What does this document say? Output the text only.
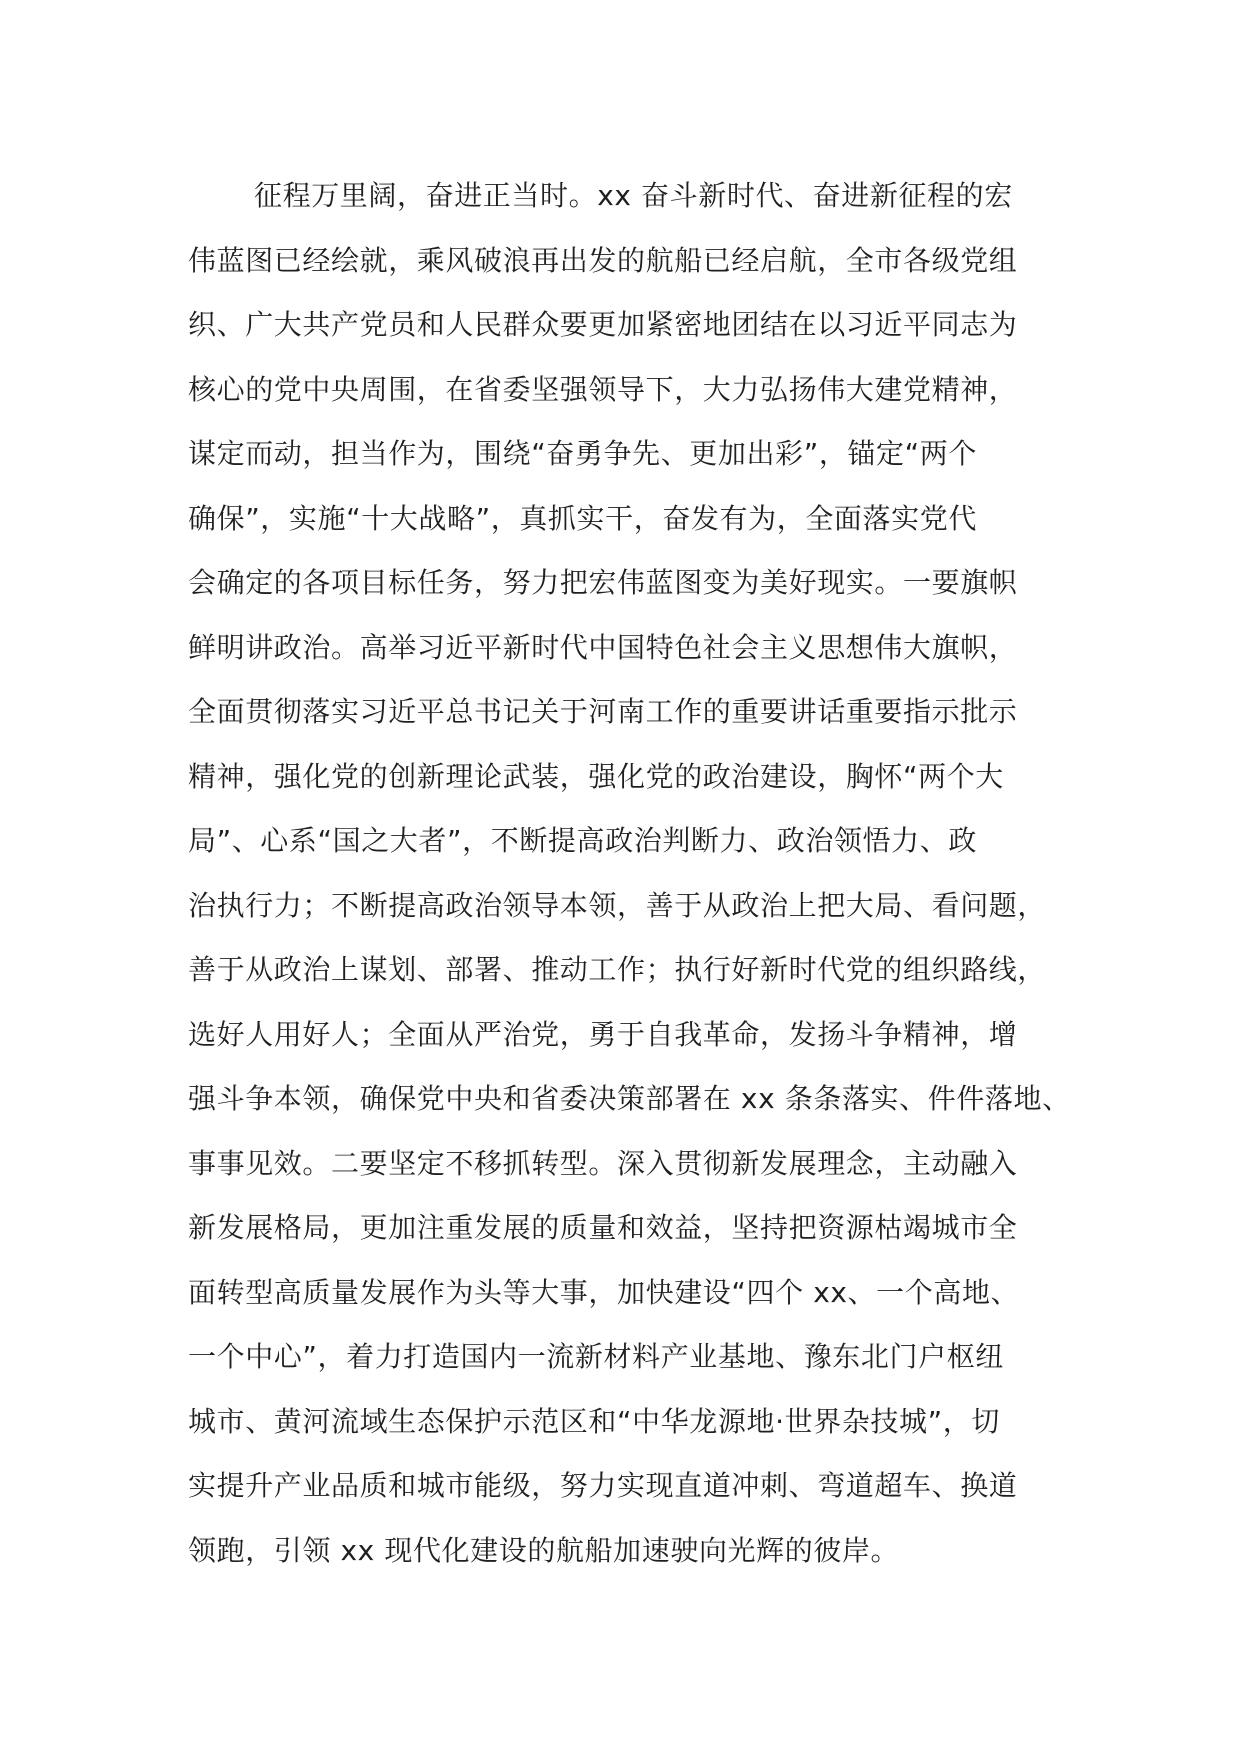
征程万里阔，奋进正当时。xx 奋斗新时代、奋进新征程的宏
伟蓝图已经绘就，乘风破浪再出发的航船已经启航，全市各级党组
织、广大共产党员和人民群众要更加紧密地团结在以习近平同志为
核心的党中央周围，在省委坚强领导下，大力弘扬伟大建党精神，
谋定而动，担当作为，围绕“奋勇争先、更加出彩”，锚定“两个
确保”，实施“十大战略”，真抓实干，奋发有为，全面落实党代
会确定的各项目标任务，努力把宏伟蓝图变为美好现实。一要旗帜
鲜明讲政治。高举习近平新时代中国特色社会主义思想伟大旗帜，
全面贯彻落实习近平总书记关于河南工作的重要讲话重要指示批示
精神，强化党的创新理论武装，强化党的政治建设，胸怀“两个大
局”、心系“国之大者”，不断提高政治判断力、政治领悟力、政
治执行力；不断提高政治领导本领，善于从政治上把大局、看问题，
善于从政治上谋划、部署、推动工作；执行好新时代党的组织路线，
选好人用好人；全面从严治党，勇于自我革命，发扬斗争精神，增
强斗争本领，确保党中央和省委决策部署在 xx 条条落实、件件落地、
事事见效。二要坚定不移抓转型。深入贯彻新发展理念，主动融入
新发展格局，更加注重发展的质量和效益，坚持把资源枯竭城市全
面转型高质量发展作为头等大事，加快建设“四个 xx、一个高地、
一个中心”，着力打造国内一流新材料产业基地、豫东北门户枢纽
城市、黄河流域生态保护示范区和“中华龙源地·世界杂技城”，切
实提升产业品质和城市能级，努力实现直道冲刺、弯道超车、换道
领跑，引领 xx 现代化建设的航船加速驶向光辉的彼岸。
